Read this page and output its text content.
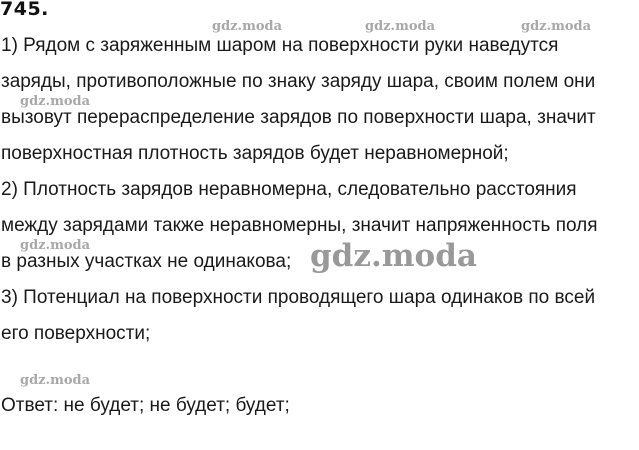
745.
gdz.moda	gdz.moda	gdz.moda
gdz.moda
gdz.moda
gdz.moda
1) Рядом с заряженным шаром на поверхности руки наведутся
заряды, противоположные по знаку заряду шара, своим полем они
вызовут перераспределение зарядов по поверхности шара, значит
поверхностная плотность зарядов будет неравномерной;
2) Плотность зарядов неравномерна, следовательно расстояния
между зарядами также неравномерны, значит напряженность поля
в разных участках не одинакова;
3) Потенциал на поверхности проводящего шара одинаков по всей
его поверхности;
Ответ: не будет; не будет; будет;
gdz.moda
